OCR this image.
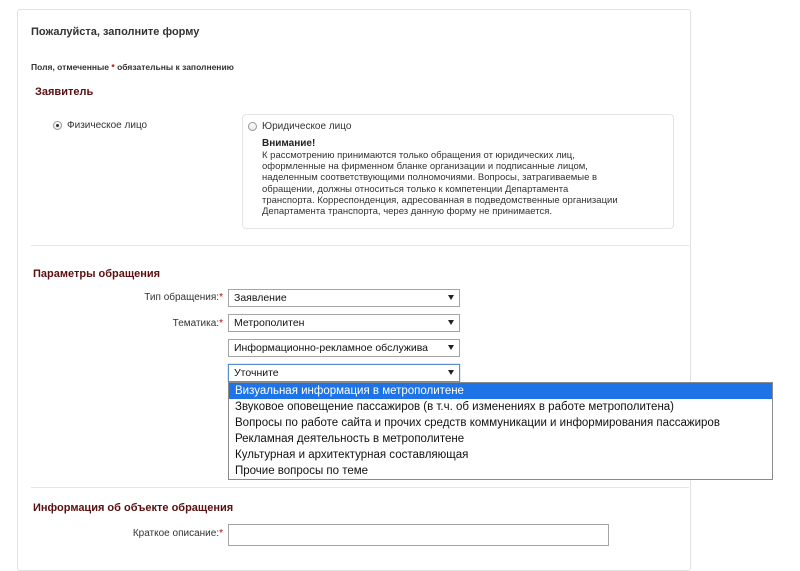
Пожалуйста, заполните форму
Поля, отмеченные * обязательны к заполнению
Заявитель
Физическое лицо	Юридическое лицо
Внимание!
К рассмотрению принимаются только обращения от юридических лиц,
оформленные на фирменном бланке организации и подписанные лицом,
наделенным соответствующими полномочиями. Вопросы, затрагиваемые в
обращении, должны относиться только к компетенции Департамента
транспорта. Корреспонденция, адресованная в подведомственные организации
Департамента транспорта, через данную форму не принимается.
Параметры обращения
Тип обращения:*	Заявление
Тематика:*	Метрополитен
Информационно-рекламное обслужива
Уточните
Визуальная информация в метрополитене
Звуковое оповещение пассажиров (в т.ч. об изменениях в работе метрополитена)
Вопросы по работе сайта и прочих средств коммуникации и информирования пассажиров
Рекламная деятельность в метрополитене
Культурная и архитектурная составляющая
Прочие вопросы по теме
Информация об объекте обращения
Краткое описание:*
